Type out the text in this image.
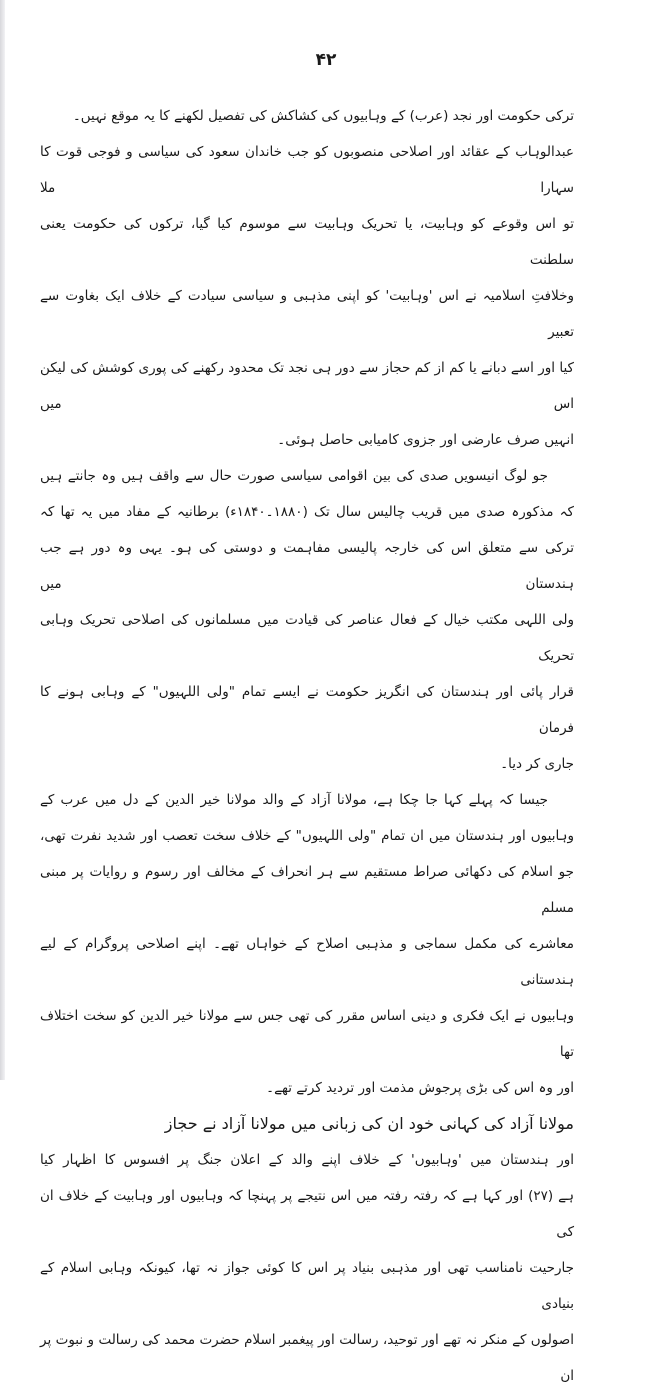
۴۲
ترکی حکومت اور نجد (عرب) کے وہابیوں کی کشاکش کی تفصیل لکھنے کا یہ موقع نہیں۔
عبدالوہاب کے عقائد اور اصلاحی منصوبوں کو جب خاندان سعود کی سیاسی و فوجی قوت کا سہارا ملا
تو اس وقوعے کو وہابیت، یا تحریک وہابیت سے موسوم کیا گیا، ترکوں کی حکومت یعنی سلطنت
وخلافتِ اسلامیہ نے اس 'وہابیت' کو اپنی مذہبی و سیاسی سیادت کے خلاف ایک بغاوت سے تعبیر
کیا اور اسے دبانے یا کم از کم حجاز سے دور ہی نجد تک محدود رکھنے کی پوری کوشش کی لیکن اس میں
انہیں صرف عارضی اور جزوی کامیابی حاصل ہوئی۔
جو لوگ انیسویں صدی کی بین اقوامی سیاسی صورت حال سے واقف ہیں وہ جانتے ہیں
کہ مذکورہ صدی میں قریب چالیس سال تک (۱۸۸۰۔۱۸۴۰ء) برطانیہ کے مفاد میں یہ تھا کہ
ترکی سے متعلق اس کی خارجہ پالیسی مفاہمت و دوستی کی ہو۔ یہی وہ دور ہے جب ہندستان میں
ولی اللہی مکتب خیال کے فعال عناصر کی قیادت میں مسلمانوں کی اصلاحی تحریک وہابی تحریک
قرار پائی اور ہندستان کی انگریز حکومت نے ایسے تمام "ولی اللہیوں" کے وہابی ہونے کا فرمان
جاری کر دیا۔
جیسا کہ پہلے کہا جا چکا ہے، مولانا آزاد کے والد مولانا خیر الدین کے دل میں عرب کے
وہابیوں اور ہندستان میں ان تمام "ولی اللہیوں" کے خلاف سخت تعصب اور شدید نفرت تھی،
جو اسلام کی دکھائی صراط مستقیم سے ہر انحراف کے مخالف اور رسوم و روایات پر مبنی مسلم
معاشرے کی مکمل سماجی و مذہبی اصلاح کے خواہاں تھے۔ اپنے اصلاحی پروگرام کے لیے ہندستانی
وہابیوں نے ایک فکری و دینی اساس مقرر کی تھی جس سے مولانا خیر الدین کو سخت اختلاف تھا
اور وہ اس کی بڑی پرجوش مذمت اور تردید کرتے تھے۔
مولانا آزاد کی کہانی خود ان کی زبانی میں مولانا آزاد نے حجاز
اور ہندستان میں 'وہابیوں' کے خلاف اپنے والد کے اعلان جنگ پر افسوس کا اظہار کیا
ہے (۲۷) اور کہا ہے کہ رفتہ رفتہ میں اس نتیجے پر پہنچا کہ وہابیوں اور وہابیت کے خلاف ان کی
جارحیت نامناسب تھی اور مذہبی بنیاد پر اس کا کوئی جواز نہ تھا، کیونکہ وہابی اسلام کے بنیادی
اصولوں کے منکر نہ تھے اور توحید، رسالت اور پیغمبر اسلام حضرت محمد کی رسالت و نبوت پر ان
